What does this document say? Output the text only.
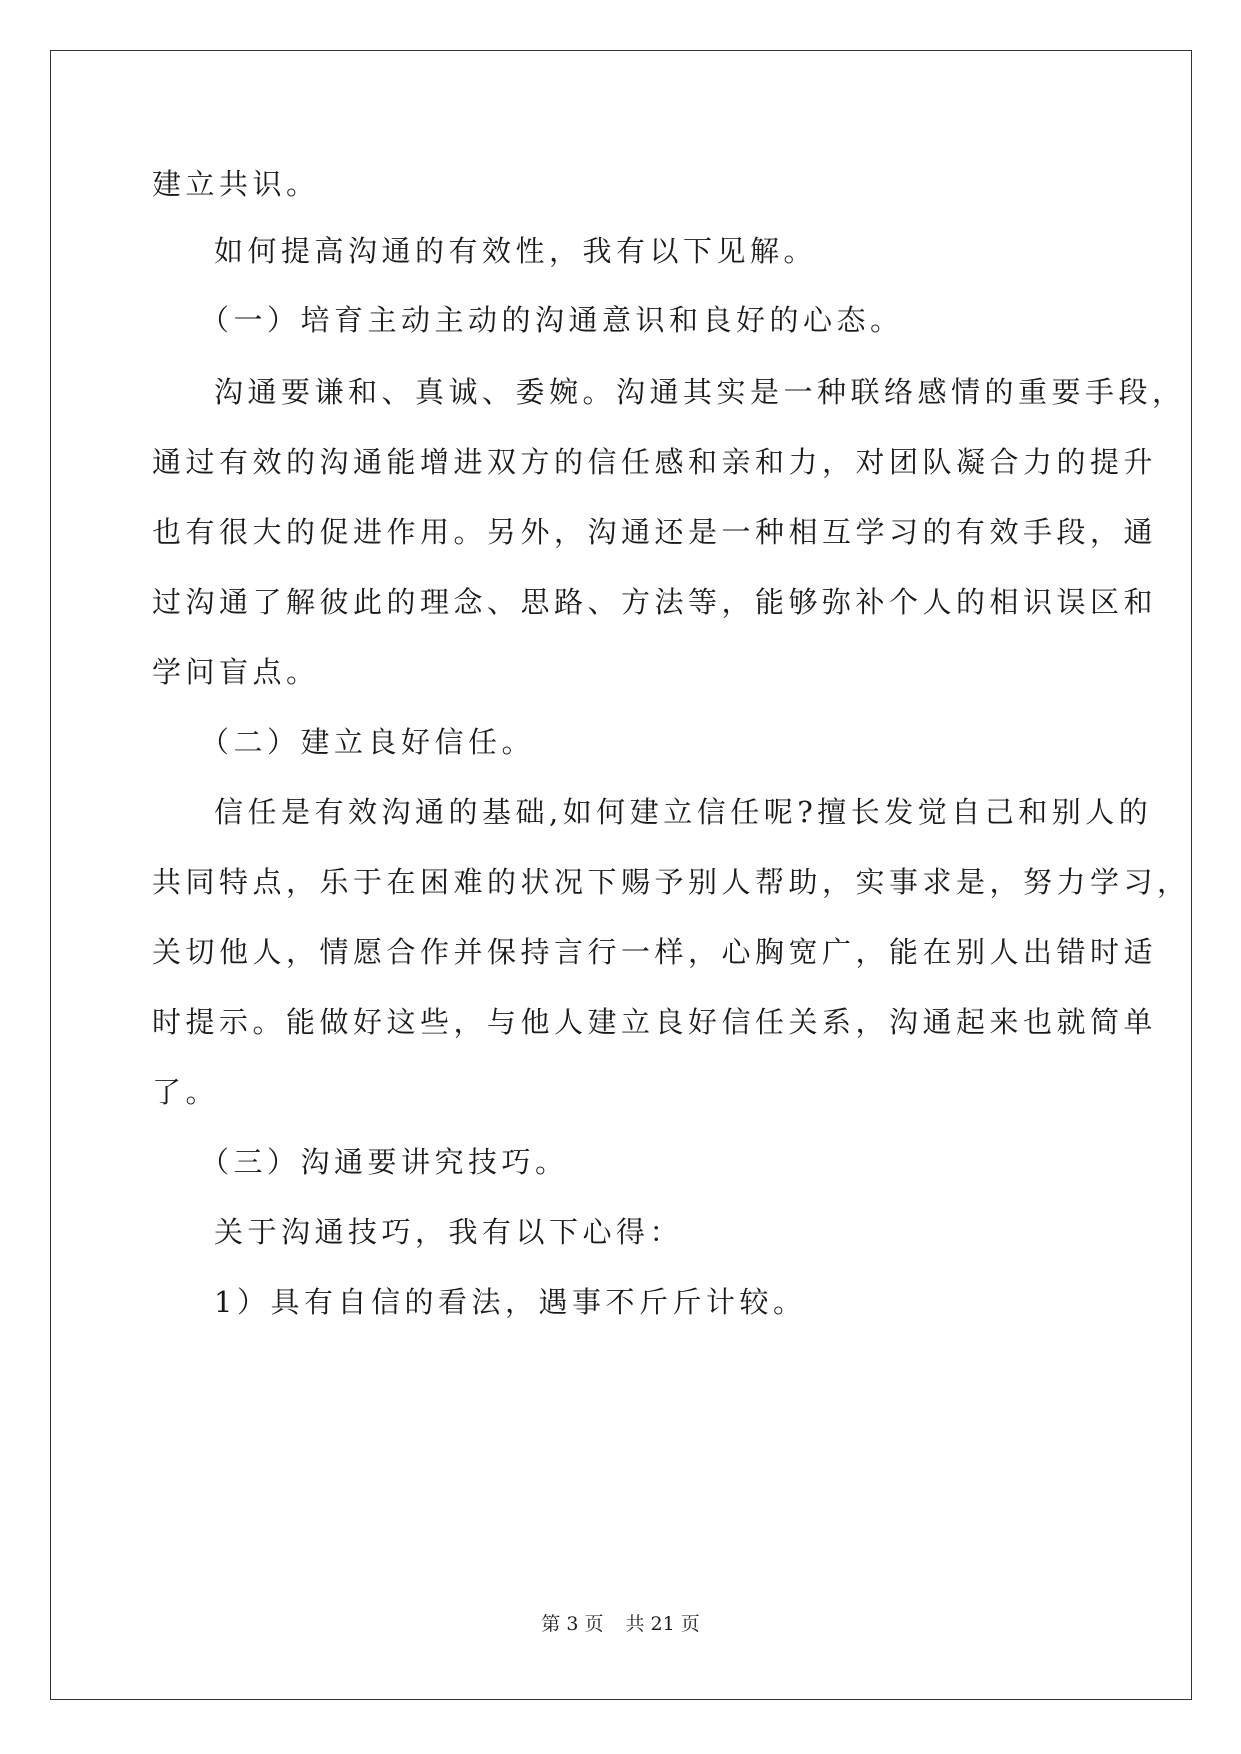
建立共识。
如何提高沟通的有效性，我有以下见解。
（一）培育主动主动的沟通意识和良好的心态。
沟通要谦和、真诚、委婉。沟通其实是一种联络感情的重要手段，
通过有效的沟通能增进双方的信任感和亲和力，对团队凝合力的提升
也有很大的促进作用。另外，沟通还是一种相互学习的有效手段，通
过沟通了解彼此的理念、思路、方法等，能够弥补个人的相识误区和
学问盲点。
（二）建立良好信任。
信任是有效沟通的基础,如何建立信任呢?擅长发觉自己和别人的
共同特点，乐于在困难的状况下赐予别人帮助，实事求是，努力学习，
关切他人，情愿合作并保持言行一样，心胸宽广，能在别人出错时适
时提示。能做好这些，与他人建立良好信任关系，沟通起来也就简单
了。
（三）沟通要讲究技巧。
关于沟通技巧，我有以下心得：
1）具有自信的看法，遇事不斤斤计较。
第 3 页 共 21 页
